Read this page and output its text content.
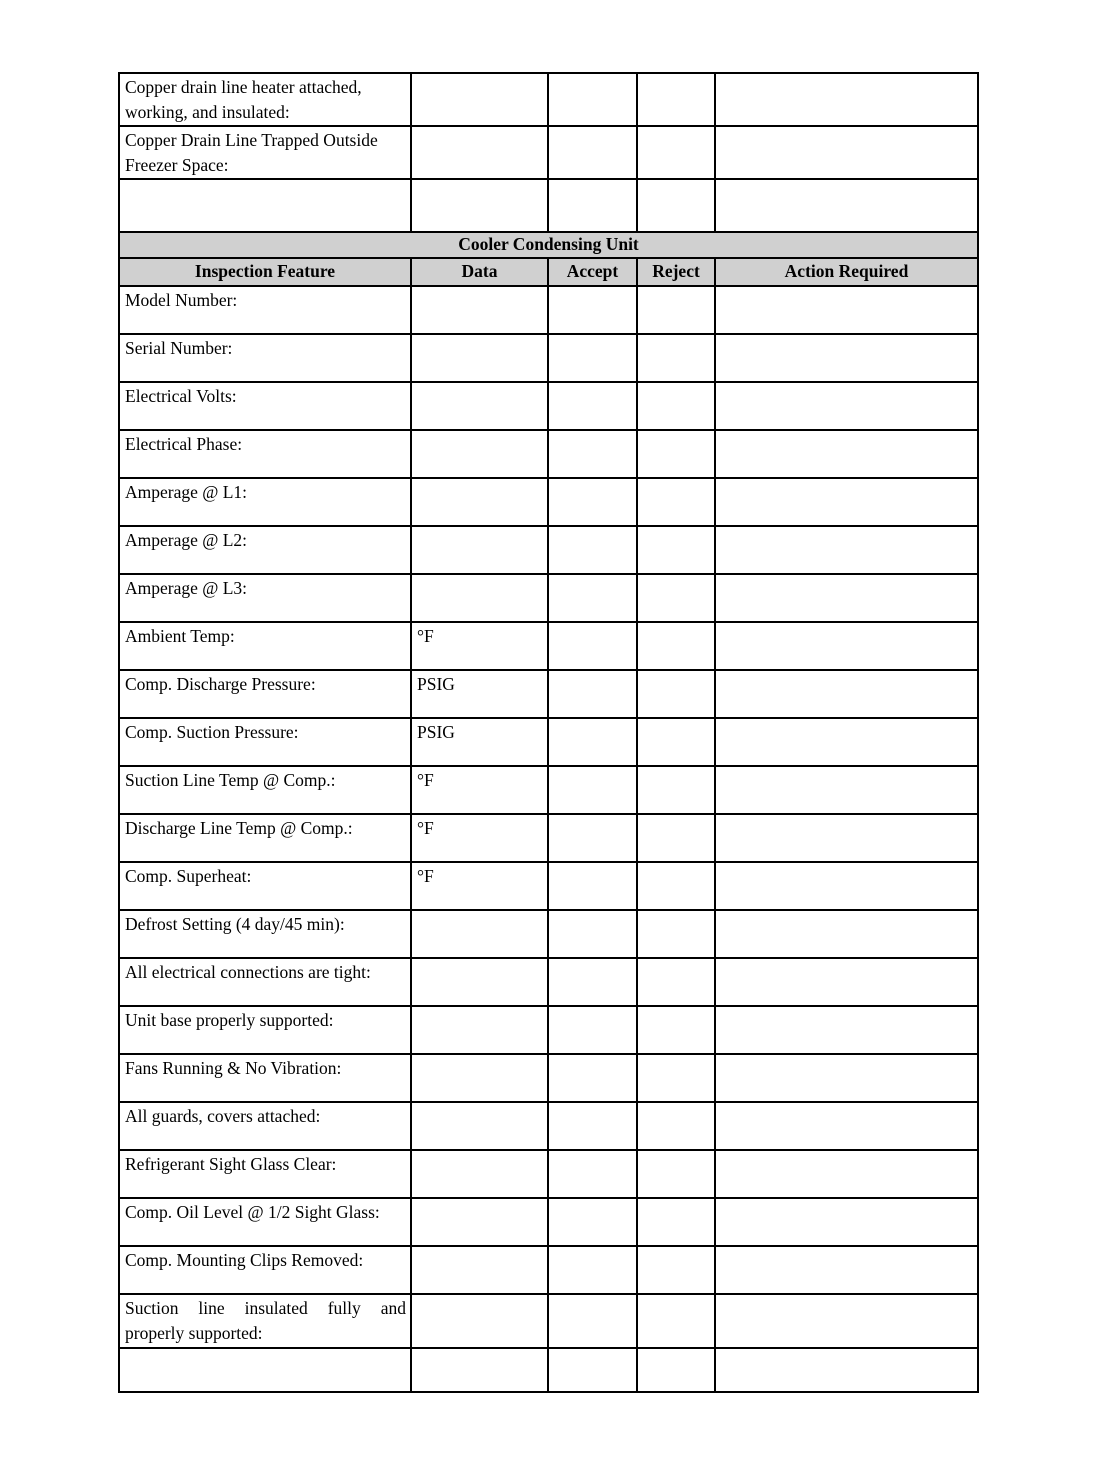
Copper drain line heater attached, working, and insulated:				
Copper Drain Line Trapped Outside Freezer Space:				

Cooler Condensing Unit				
Inspection Feature	Data	Accept	Reject	Action Required
Model Number:				
Serial Number:				
Electrical Volts:				
Electrical Phase:				
Amperage @ L1:				
Amperage @ L2:				
Amperage @ L3:				
Ambient Temp:	°F			
Comp. Discharge Pressure:	PSIG			
Comp. Suction Pressure:	PSIG			
Suction Line Temp @ Comp.:	°F			
Discharge Line Temp @ Comp.:	°F			
Comp. Superheat:	°F			
Defrost Setting (4 day/45 min):				
All electrical connections are tight:				
Unit base properly supported:				
Fans Running & No Vibration:				
All guards, covers attached:				
Refrigerant Sight Glass Clear:				
Comp. Oil Level @ 1/2 Sight Glass:				
Comp. Mounting Clips Removed:				
Suction line insulated fully and properly supported:				
